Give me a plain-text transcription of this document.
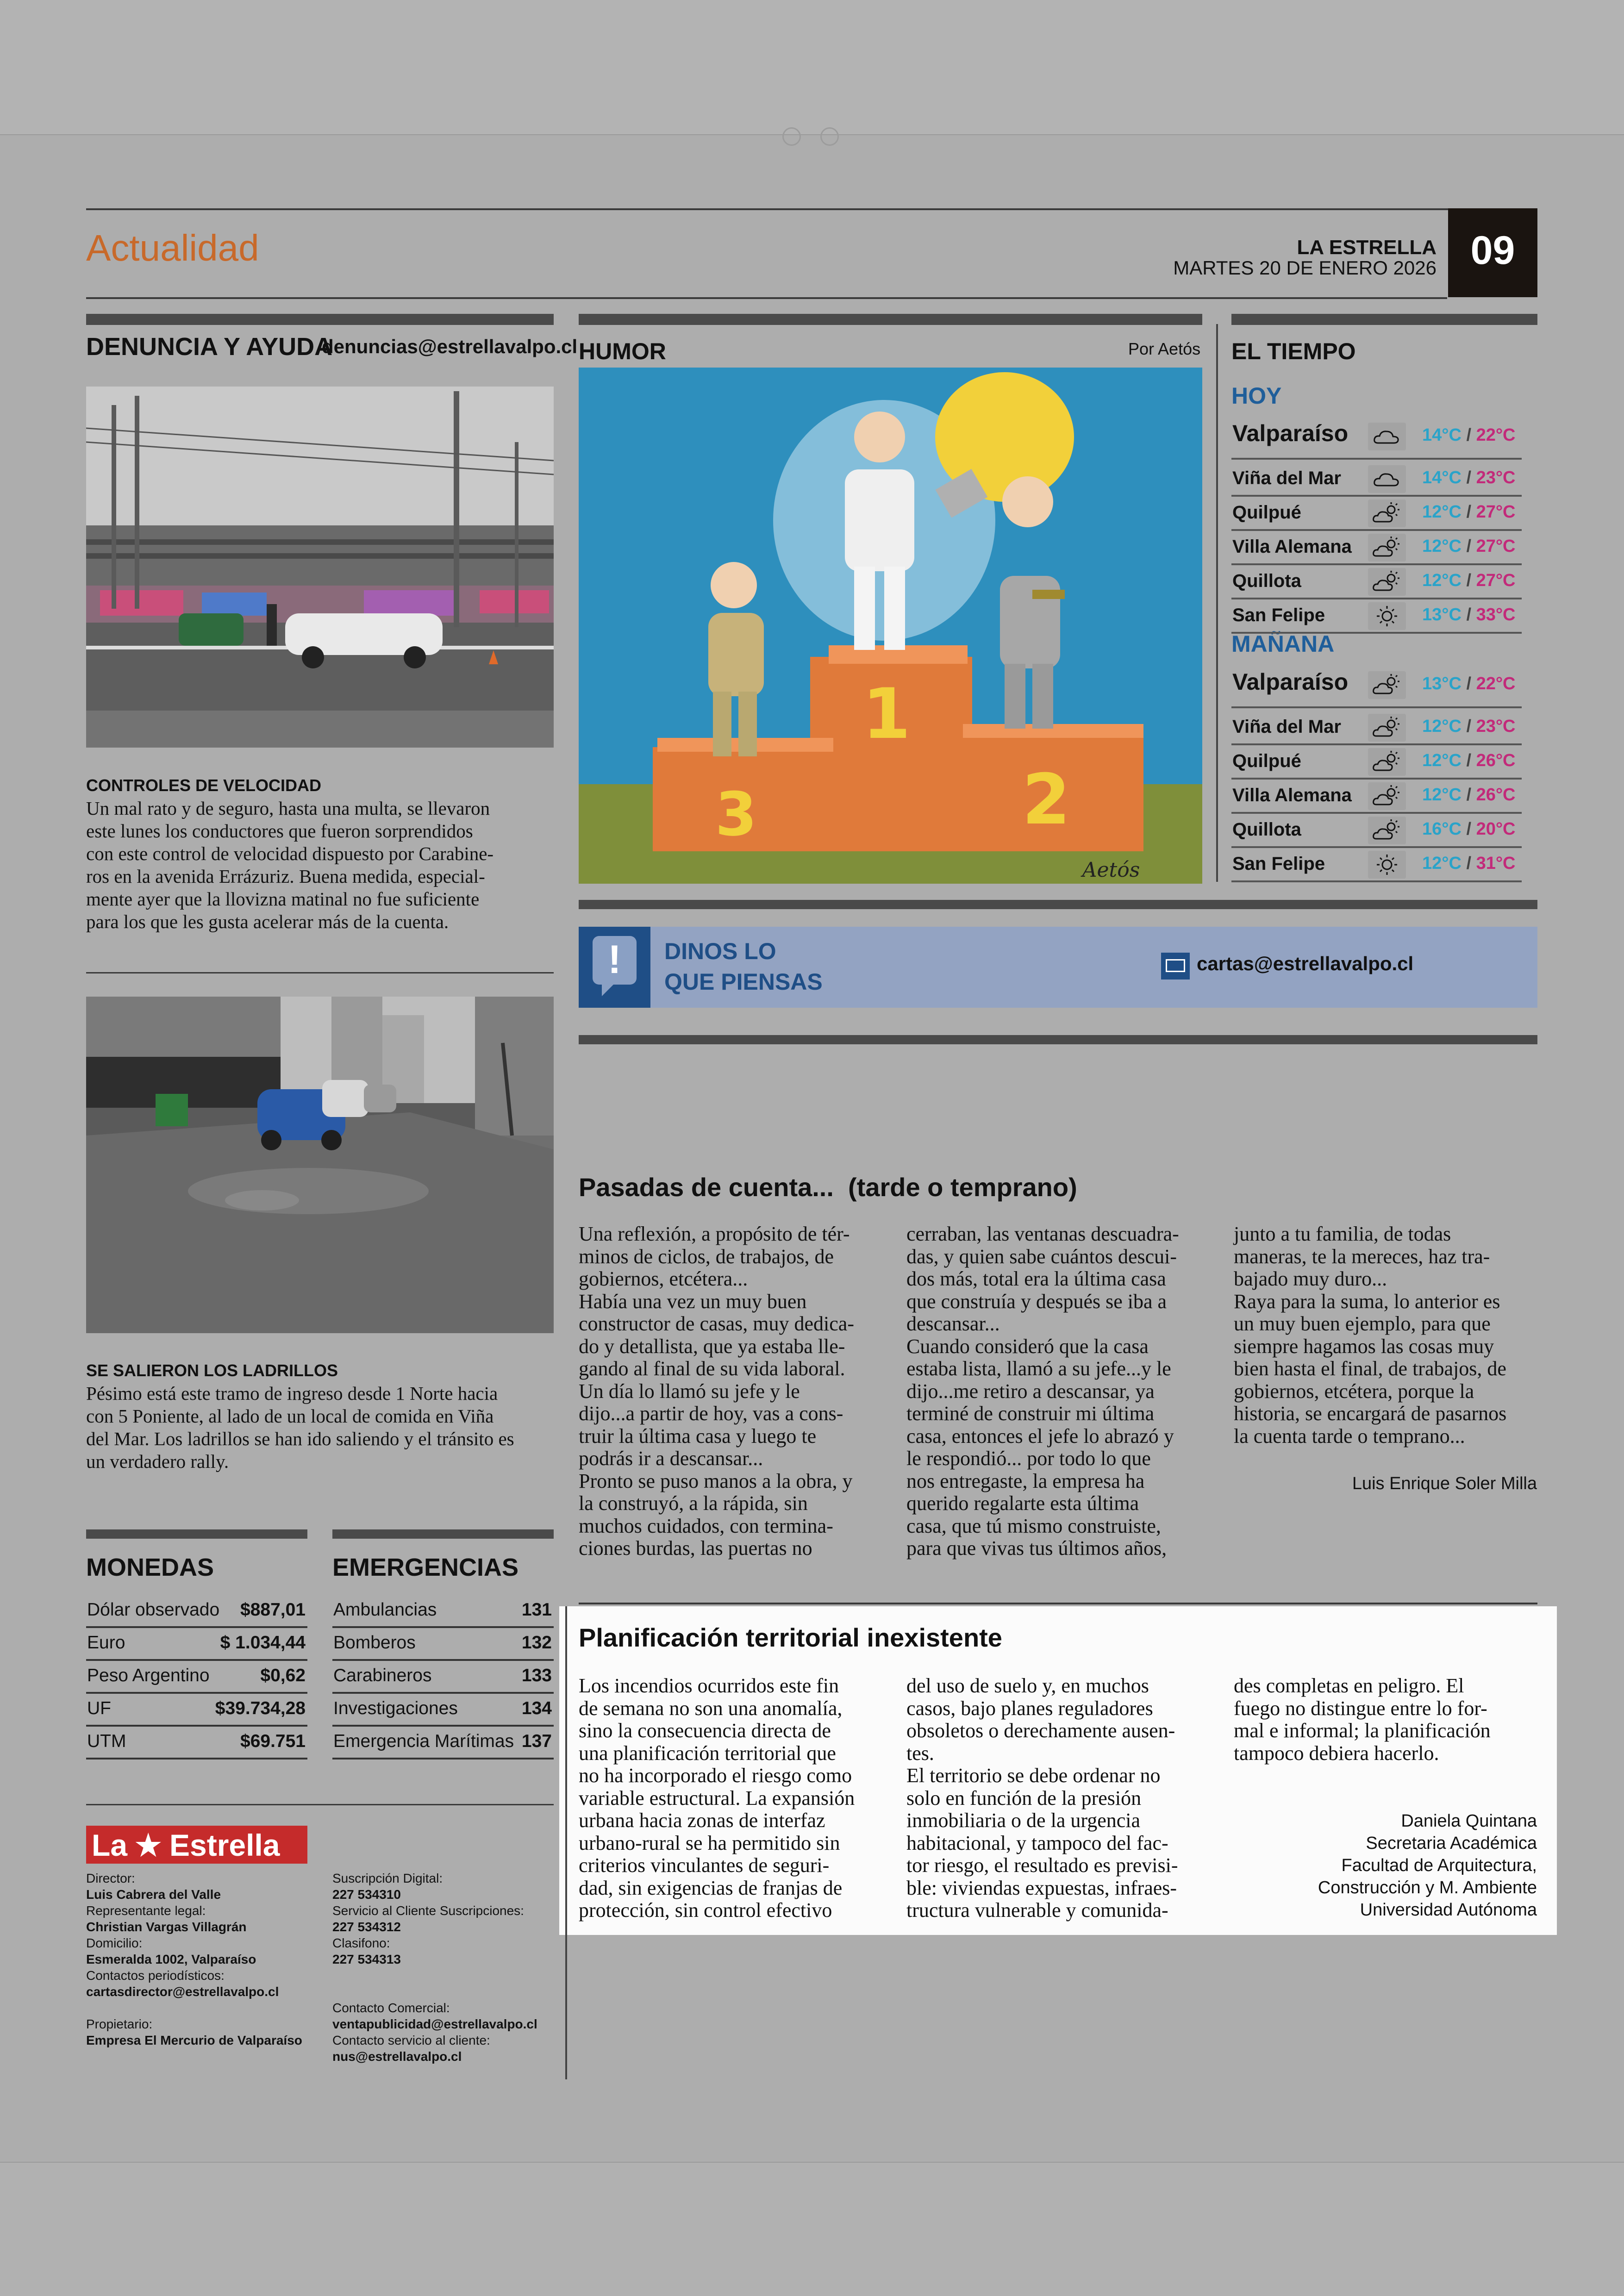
Actualidad	LA ESTRELLA
MARTES 20 DE ENERO 2026 09
DENUNCIA Y AYUDA
denuncias@estrellavalpo.cl
CONTROLES DE VELOCIDAD
Un mal rato y de seguro, hasta una multa, se llevaron
este lunes los conductores que fueron sorprendidos
con este control de velocidad dispuesto por Carabine-
ros en la avenida Errázuriz. Buena medida, especial-
mente ayer que la llovizna matinal no fue suficiente
para los que les gusta acelerar más de la cuenta.
SE SALIERON LOS LADRILLOS
Pésimo está este tramo de ingreso desde 1 Norte hacia
con 5 Poniente, al lado de un local de comida en Viña
del Mar. Los ladrillos se han ido saliendo y el tránsito es
un verdadero rally.
HUMOR	Por Aetós
1
2
3
Aetós
EL TIEMPO
HOY
MAÑANA
Valparaíso	14°C / 22°C
Viña del Mar	14°C / 23°C
Quilpué	12°C / 27°C
Villa Alemana	12°C / 27°C
Quillota	12°C / 27°C
San Felipe	13°C / 33°C
Valparaíso	13°C / 22°C
Viña del Mar	12°C / 23°C
Quilpué	12°C / 26°C
Villa Alemana	12°C / 26°C
Quillota	16°C / 20°C
San Felipe	12°C / 31°C
!	DINOS LO
QUE PIENSAS
cartas@estrellavalpo.cl
Pasadas de cuenta...  (tarde o temprano)
Una reflexión, a propósito de tér-
minos de ciclos, de trabajos, de
gobiernos, etcétera...
Había una vez un muy buen
constructor de casas, muy dedica-
do y detallista, que ya estaba lle-
gando al final de su vida laboral.
Un día lo llamó su jefe y le
dijo...a partir de hoy, vas a cons-
truir la última casa y luego te
podrás ir a descansar...
Pronto se puso manos a la obra, y
la construyó, a la rápida, sin
muchos cuidados, con termina-
ciones burdas, las puertas no
cerraban, las ventanas descuadra-
das, y quien sabe cuántos descui-
dos más, total era la última casa
que construía y después se iba a
descansar...
Cuando consideró que la casa
estaba lista, llamó a su jefe...y le
dijo...me retiro a descansar, ya
terminé de construir mi última
casa, entonces el jefe lo abrazó y
le respondió... por todo lo que
nos entregaste, la empresa ha
querido regalarte esta última
casa, que tú mismo construiste,
para que vivas tus últimos años,
junto a tu familia, de todas
maneras, te la mereces, haz tra-
bajado muy duro...
Raya para la suma, lo anterior es
un muy buen ejemplo, para que
siempre hagamos las cosas muy
bien hasta el final, de trabajos, de
gobiernos, etcétera, porque la
historia, se encargará de pasarnos
la cuenta tarde o temprano...
Luis Enrique Soler Milla
Planificación territorial inexistente
Los incendios ocurridos este fin
de semana no son una anomalía,
sino la consecuencia directa de
una planificación territorial que
no ha incorporado el riesgo como
variable estructural. La expansión
urbana hacia zonas de interfaz
urbano-rural se ha permitido sin
criterios vinculantes de seguri-
dad, sin exigencias de franjas de
protección, sin control efectivo
del uso de suelo y, en muchos
casos, bajo planes reguladores
obsoletos o derechamente ausen-
tes.
El territorio se debe ordenar no
solo en función de la presión
inmobiliaria o de la urgencia
habitacional, y tampoco del fac-
tor riesgo, el resultado es previsi-
ble: viviendas expuestas, infraes-
tructura vulnerable y comunida-
des completas en peligro. El
fuego no distingue entre lo for-
mal e informal; la planificación
tampoco debiera hacerlo.
Daniela Quintana
Secretaria Académica
Facultad de Arquitectura,
Construcción y M. Ambiente
Universidad Autónoma
MONEDAS
Dólar observado $887,01
Euro	$ 1.034,44
Peso Argentino	$0,62
UF	$39.734,28
UTM	$69.751
EMERGENCIAS
Ambulancias	131
Bomberos	132
Carabineros	133
Investigaciones	134
Emergencia Marítimas 137
La ★ Estrella
Director:
Luis Cabrera del Valle
Representante legal:
Christian Vargas Villagrán
Domicilio:
Esmeralda 1002, Valparaíso
Contactos periodísticos:
cartasdirector@estrellavalpo.cl
Propietario:
Empresa El Mercurio de Valparaíso
Suscripción Digital:
227 534310
Servicio al Cliente Suscripciones:
227 534312
Clasifono:
227 534313
Contacto Comercial:
ventapublicidad@estrellavalpo.cl
Contacto servicio al cliente:
nus@estrellavalpo.cl
